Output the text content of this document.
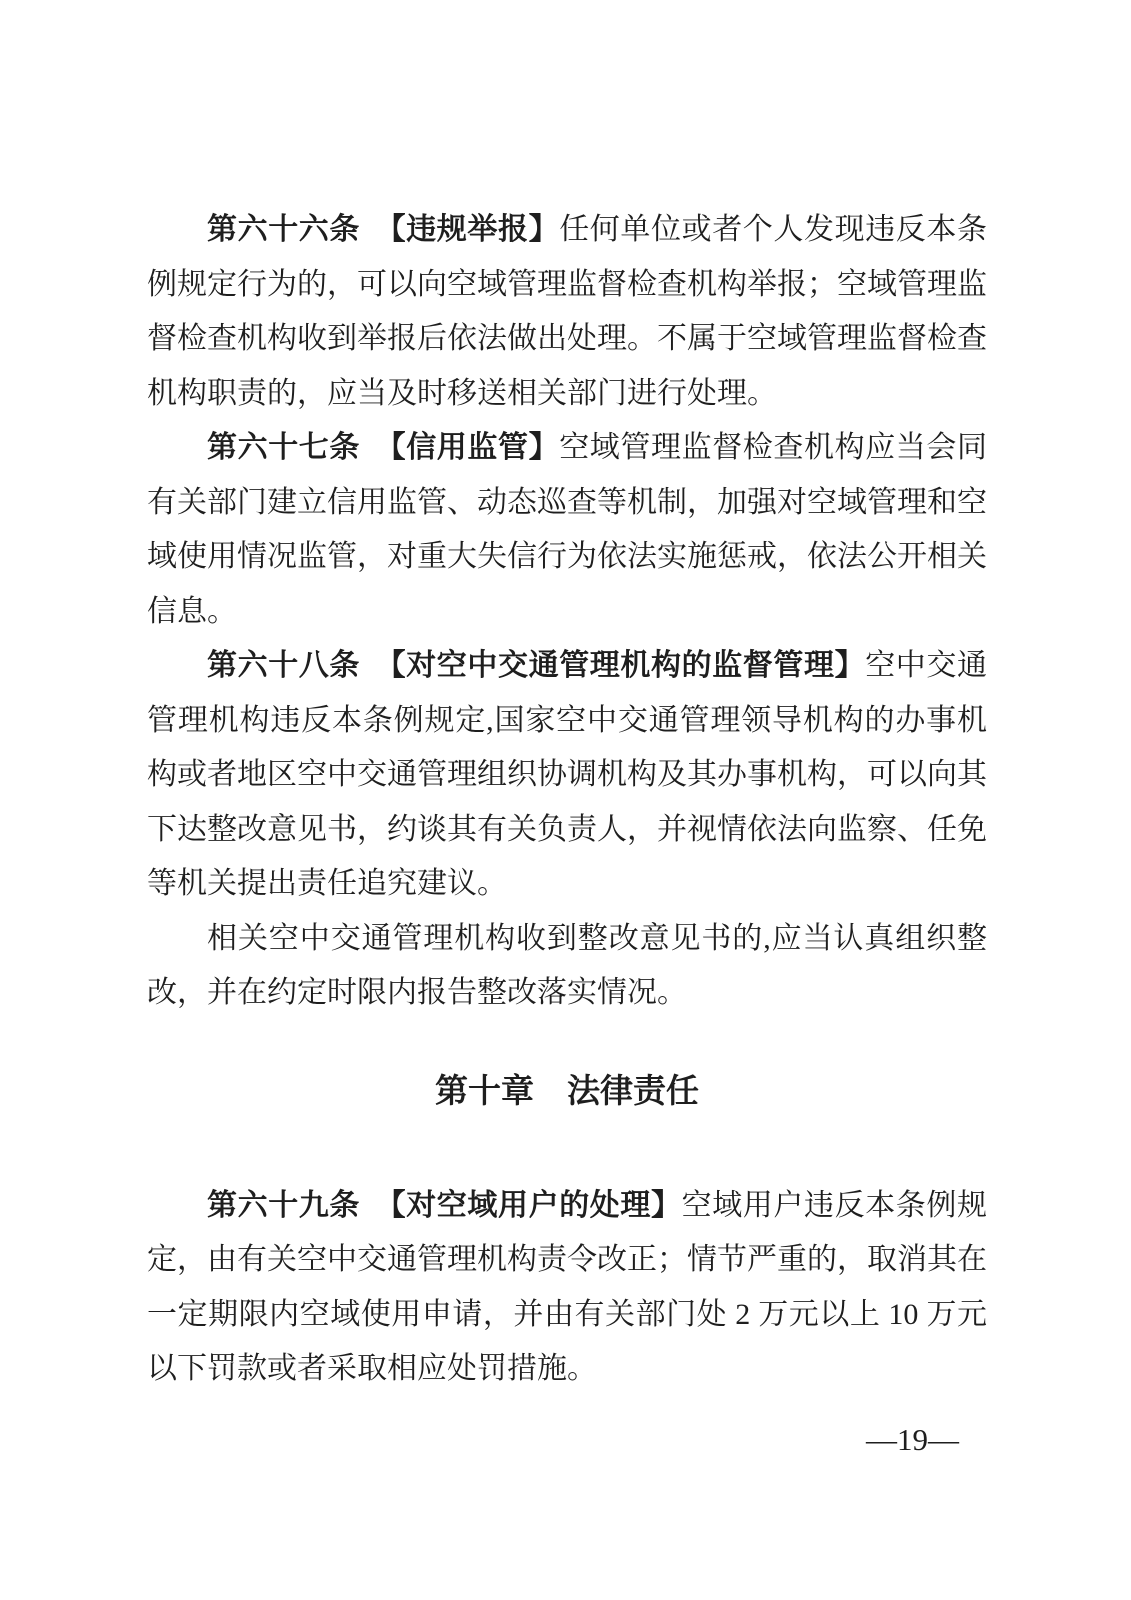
第六十六条　【违规举报】任何单位或者个人发现违反本条例规定行为的，可以向空域管理监督检查机构举报；空域管理监督检查机构收到举报后依法做出处理。不属于空域管理监督检查机构职责的，应当及时移送相关部门进行处理。

第六十七条　【信用监管】空域管理监督检查机构应当会同有关部门建立信用监管、动态巡查等机制，加强对空域管理和空域使用情况监管，对重大失信行为依法实施惩戒，依法公开相关信息。

第六十八条　【对空中交通管理机构的监督管理】空中交通管理机构违反本条例规定,国家空中交通管理领导机构的办事机构或者地区空中交通管理组织协调机构及其办事机构，可以向其下达整改意见书，约谈其有关负责人，并视情依法向监察、任免等机关提出责任追究建议。

相关空中交通管理机构收到整改意见书的,应当认真组织整改，并在约定时限内报告整改落实情况。

第十章　法律责任

第六十九条　【对空域用户的处理】空域用户违反本条例规定，由有关空中交通管理机构责令改正；情节严重的，取消其在一定期限内空域使用申请，并由有关部门处 2 万元以上 10 万元以下罚款或者采取相应处罚措施。

—19—
